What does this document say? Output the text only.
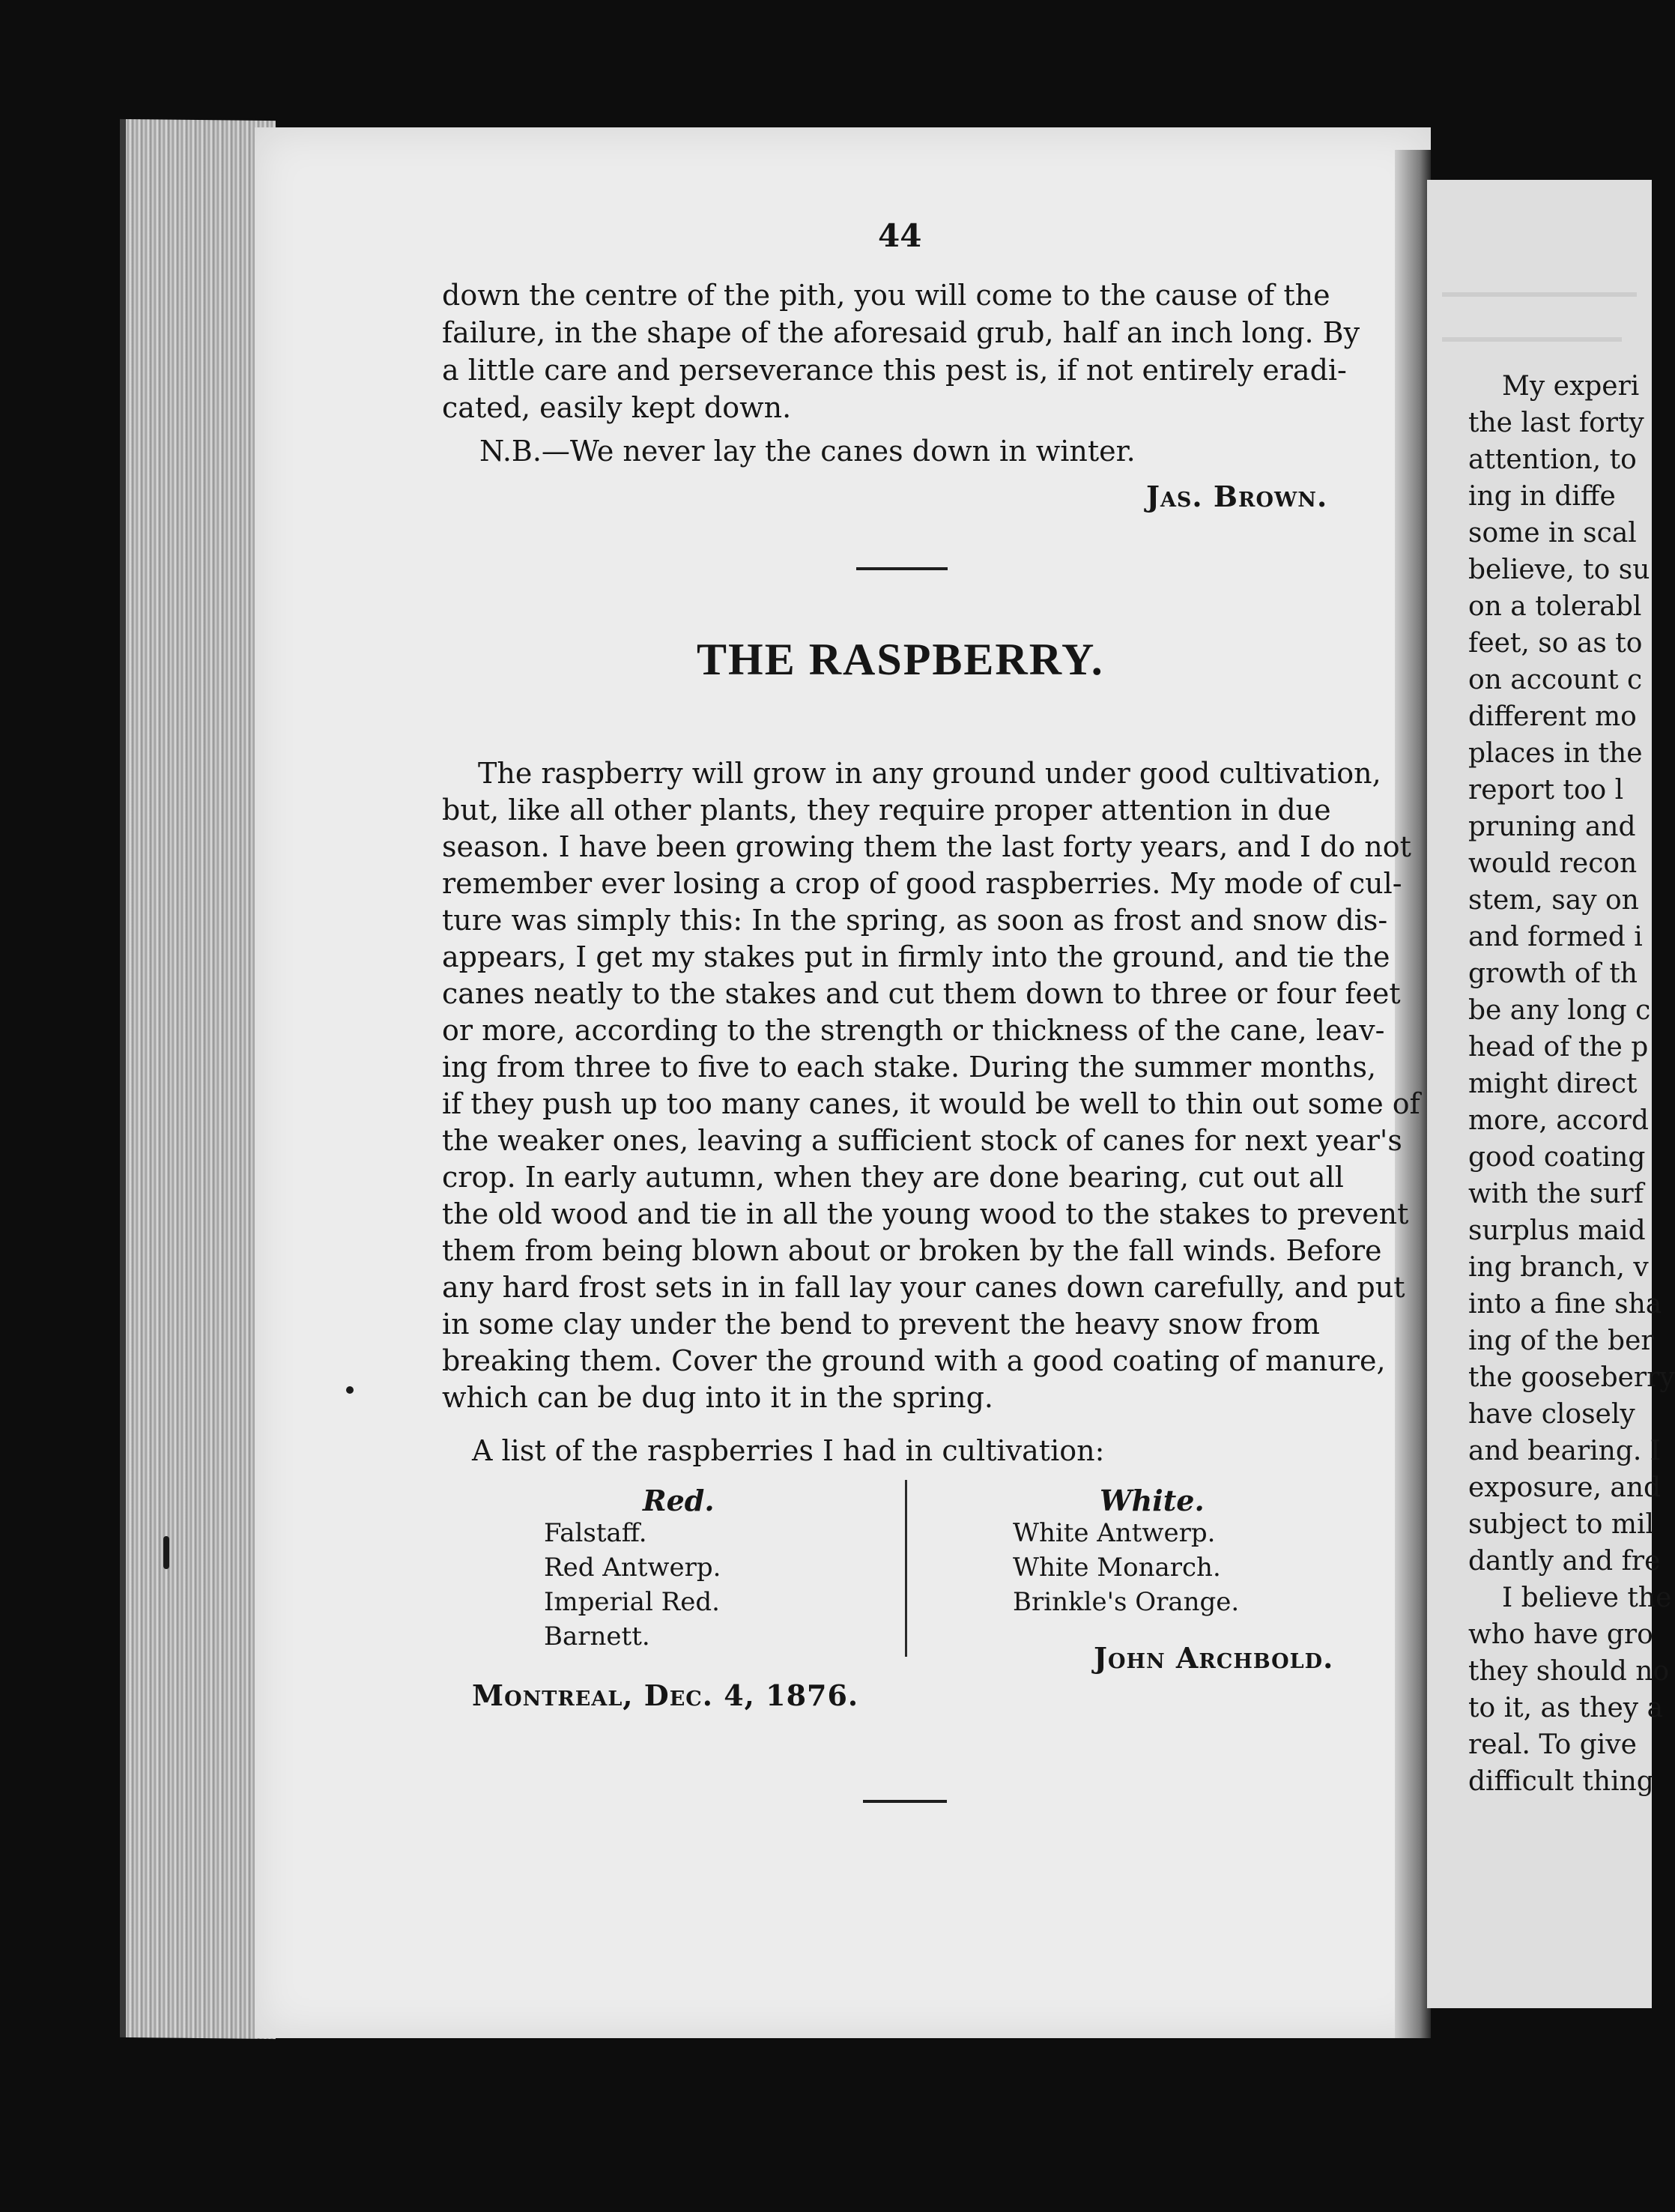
My experi
the last forty
attention, to
ing in diffe
some in scal
believe, to su
on a tolerabl
feet, so as to
on account c
different mo
places in the
report too l
pruning and
would recon
stem, say on
and formed i
growth of th
be any long c
head of the p
might direct
more, accord
good coating
with the surf
surplus maid
ing branch, v
into a fine sha
ing of the ber
the gooseberry
have closely
and bearing. I
exposure, and
subject to mil
dantly and fre
I believe the
who have gro
they should no
to it, as they a
real. To give
difficult thing
44
down the centre of the pith, you will come to the cause of the
failure, in the shape of the aforesaid grub, half an inch long. By
a little care and perseverance this pest is, if not entirely eradi-
cated, easily kept down.
N.B.—We never lay the canes down in winter.
Jas. Brown.
THE RASPBERRY.
The raspberry will grow in any ground under good cultivation,
but, like all other plants, they require proper attention in due
season. I have been growing them the last forty years, and I do not
remember ever losing a crop of good raspberries. My mode of cul-
ture was simply this: In the spring, as soon as frost and snow dis-
appears, I get my stakes put in firmly into the ground, and tie the
canes neatly to the stakes and cut them down to three or four feet
or more, according to the strength or thickness of the cane, leav-
ing from three to five to each stake. During the summer months,
if they push up too many canes, it would be well to thin out some of
the weaker ones, leaving a sufficient stock of canes for next year's
crop. In early autumn, when they are done bearing, cut out all
the old wood and tie in all the young wood to the stakes to prevent
them from being blown about or broken by the fall winds. Before
any hard frost sets in in fall lay your canes down carefully, and put
in some clay under the bend to prevent the heavy snow from
breaking them. Cover the ground with a good coating of manure,
which can be dug into it in the spring.
A list of the raspberries I had in cultivation:
Red.
Falstaff.
Red Antwerp.
Imperial Red.
Barnett.
White.
White Antwerp.
White Monarch.
Brinkle's Orange.
John Archbold.
Montreal, Dec. 4, 1876.
